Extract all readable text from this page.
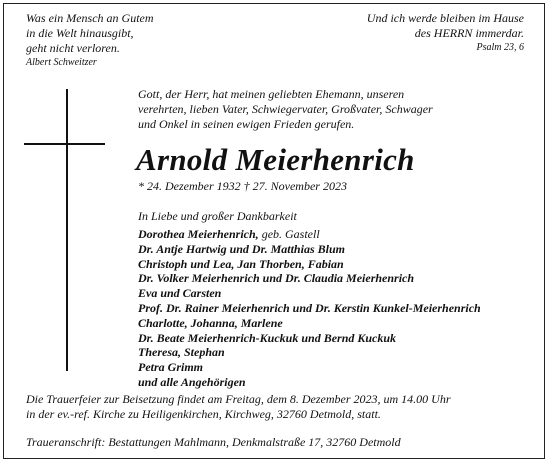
Was ein Mensch an Gutem
in die Welt hinausgibt,
geht nicht verloren.
Albert Schweitzer
Und ich werde bleiben im Hause
des HERRN immerdar.
Psalm 23, 6
Gott, der Herr, hat meinen geliebten Ehemann, unseren
verehrten, lieben Vater, Schwiegervater, Großvater, Schwager
und Onkel in seinen ewigen Frieden gerufen.
Arnold Meierhenrich
* 24. Dezember 1932 † 27. November 2023
In Liebe und großer Dankbarkeit
Dorothea Meierhenrich, geb. Gastell
Dr. Antje Hartwig und Dr. Matthias Blum
Christoph und Lea, Jan Thorben, Fabian
Dr. Volker Meierhenrich und Dr. Claudia Meierhenrich
Eva und Carsten
Prof. Dr. Rainer Meierhenrich und Dr. Kerstin Kunkel-Meierhenrich
Charlotte, Johanna, Marlene
Dr. Beate Meierhenrich-Kuckuk und Bernd Kuckuk
Theresa, Stephan
Petra Grimm
und alle Angehörigen
Die Trauerfeier zur Beisetzung findet am Freitag, dem 8. Dezember 2023, um 14.00 Uhr
in der ev.-ref. Kirche zu Heiligenkirchen, Kirchweg, 32760 Detmold, statt.
Traueranschrift: Bestattungen Mahlmann, Denkmalstraße 17, 32760 Detmold
